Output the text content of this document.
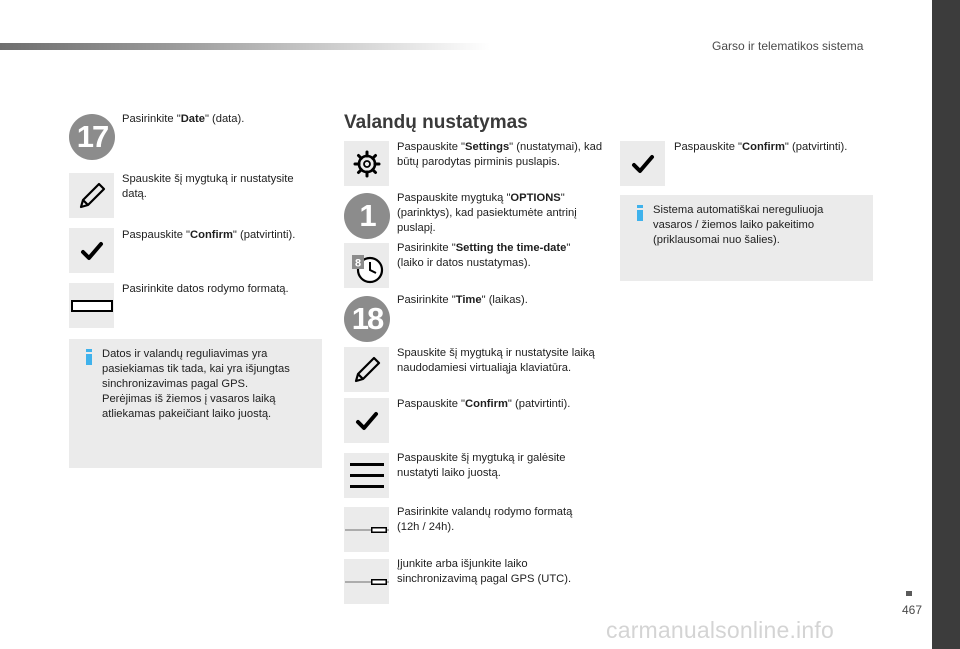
Garso ir telematikos sistema
467
carmanualsonline.info
17	Pasirinkite "Date" (data).
Spauskite šį mygtuką ir nustatysite datą.
Paspauskite "Confirm" (patvirtinti).
Pasirinkite datos rodymo formatą.
Datos ir valandų reguliavimas yra
pasiekiamas tik tada, kai yra išjungtas
sinchronizavimas pagal GPS.
Perėjimas iš žiemos į vasaros laiką
atliekamas pakeičiant laiko juostą.
Valandų nustatymas
Paspauskite "Settings" (nustatymai), kad būtų parodytas pirminis puslapis.
1	Paspauskite mygtuką "OPTIONS" (parinktys), kad pasiektumėte antrinį puslapį.
8
Pasirinkite "Setting the time-date" (laiko ir datos nustatymas).
18
Pasirinkite "Time" (laikas).
Spauskite šį mygtuką ir nustatysite laiką naudodamiesi virtualiąja klaviatūra.
Paspauskite "Confirm" (patvirtinti).
Paspauskite šį mygtuką ir galėsite nustatyti laiko juostą.
Pasirinkite valandų rodymo formatą (12h / 24h).
Įjunkite arba išjunkite laiko sinchronizavimą pagal GPS (UTC).
Paspauskite "Confirm" (patvirtinti).
Sistema automatiškai nereguliuoja
vasaros / žiemos laiko pakeitimo
(priklausomai nuo šalies).
